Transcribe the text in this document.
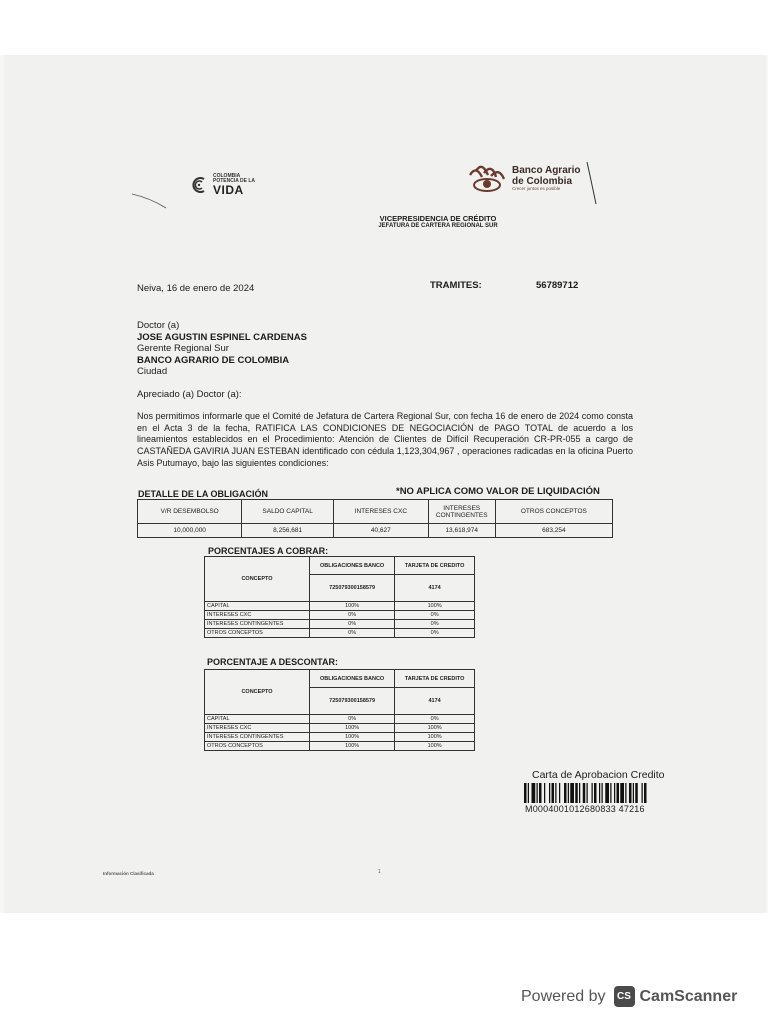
COLOMBIA
POTENCIA DE LA
VIDA
Banco Agrario
de Colombia
Crecer juntos es posible
VICEPRESIDENCIA DE CRÉDITO
JEFATURA DE CARTERA REGIONAL SUR
Neiva, 16 de enero de 2024	TRAMITES:	56789712
Doctor (a)
JOSE AGUSTIN ESPINEL CARDENAS
Gerente Regional Sur
BANCO AGRARIO DE COLOMBIA
Ciudad
Apreciado (a) Doctor (a):
Nos permitimos informarle que el Comité de Jefatura de Cartera Regional Sur, con fecha 16 de enero de 2024 como consta en el Acta 3 de la fecha, RATIFICA LAS CONDICIONES DE NEGOCIACIÓN de PAGO TOTAL de acuerdo a los lineamientos establecidos en el Procedimiento: Atención de Clientes de Difícil Recuperación CR-PR-055 a cargo de CASTAÑEDA GAVIRIA JUAN ESTEBAN identificado con cédula 1,123,304,967 , operaciones radicadas en la oficina Puerto Asis Putumayo, bajo las siguientes condiciones:
DETALLE DE LA OBLIGACIÓN	*NO APLICA COMO VALOR DE LIQUIDACIÓN
V/R DESEMBOLSO	SALDO CAPITAL	INTERESES CXC	INTERESES CONTINGENTES	OTROS CONCEPTOS
10,000,000	8,256,681	40,627	13,618,974	683,254
PORCENTAJES A COBRAR:
CONCEPTO	OBLIGACIONES BANCO	TARJETA DE CREDITO
	725079300158579	4174
CAPITAL	100%	100%
INTERESES CXC	0%	0%
INTERESES CONTINGENTES	0%	0%
OTROS CONCEPTOS	0%	0%
PORCENTAJE A DESCONTAR:
CONCEPTO	OBLIGACIONES BANCO	TARJETA DE CREDITO
	725079300158579	4174
CAPITAL	0%	0%
INTERESES CXC	100%	100%
INTERESES CONTINGENTES	100%	100%
OTROS CONCEPTOS	100%	100%
Carta de Aprobacion Credito
M0004001012680833 47216
Información Clasificada	1
Powered by	CS CamScanner
